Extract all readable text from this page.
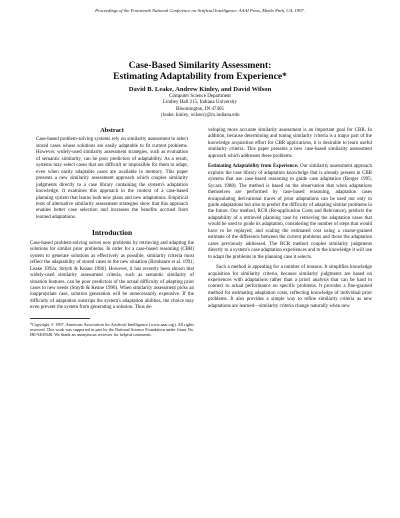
Proceedings of the Fourteenth National Conference on Artificial Intelligence, AAAI Press, Menlo Park, CA, 1997.
Case-Based Similarity Assessment:
Estimating Adaptability from Experience*
David B. Leake, Andrew Kinley, and David Wilson
Computer Science Department
Lindley Hall 215, Indiana University
Bloomington, IN 47405
{leake, kinley, wilson}@cs.indiana.edu
Abstract

Case-based problem-solving systems rely on similarity assessment to select stored cases whose solutions are easily adaptable to fit current problems. However, widely-used similarity assessment strategies, such as evaluation of semantic similarity, can be poor predictors of adaptability. As a result, systems may select cases that are difficult or impossible for them to adapt, even when easily adaptable cases are available in memory. This paper presents a new similarity assessment approach which couples similarity judgments directly to a case library containing the system's adaptation knowledge. It examines this approach in the context of a case-based planning system that learns both new plans and new adaptations. Empirical tests of alternative similarity assessment strategies show that this approach enables better case selection and increases the benefits accrued from learned adaptations.

Introduction

Case-based problem-solving solves new problems by retrieving and adapting the solutions for similar prior problems. In order for a case-based reasoning (CBR) system to generate solutions as effectively as possible, similarity criteria must reflect the adaptability of stored cases to the new situation (Birnbaum et al. 1991; Leake 1992a; Smyth & Keane 1996). However, it has recently been shown that widely-used similarity assessment criteria, such as semantic similarity of situation features, can be poor predictors of the actual difficulty of adapting prior cases to new needs (Smyth & Keane 1996). When similarity assessment picks an inappropriate case, solution generation will be unnecessarily expensive. If the difficulty of adaptation outstrips the system's adaptation abilities, the choice may even prevent the system from generating a solution. Thus de-

*Copyright © 1997, American Association for Artificial Intelligence (www.aaai.org). All rights reserved. This work was supported in part by the National Science Foundation under Grant No. IRI-9409348. We thank an anonymous reviewer for helpful comments.

veloping more accurate similarity assessment is an important goal for CBR. In addition, because determining and tuning similarity criteria is a major part of the knowledge acquisition effort for CBR applications, it is desirable to learn useful similarity criteria. This paper presents a new case-based similarity assessment approach which addresses these problems.

Estimating Adaptability from Experience: Our similarity assessment approach exploits the case library of adaptation knowledge that is already present in CBR systems that use case-based reasoning to guide case adaptation (Berger 1995; Sycara 1988). The method is based on the observation that when adaptations themselves are performed by case-based reasoning, adaptation cases encapsulating derivational traces of prior adaptations can be used not only to guide adaptations but also to predict the difficulty of adapting similar problems in the future. Our method, RCR (Re-application Costs and Relevance), predicts the adaptability of a retrieved planning case by retrieving the adaptation cases that would be used to guide its adaptation, considering the number of steps that would have to be replayed, and scaling the estimated cost using a coarse-grained estimate of the difference between the current problems and those the adaptation cases previously addressed. The RCR method couples similarity judgments directly to a system's case adaptation experiences and to the knowledge it will use to adapt the problems in the planning case it selects.

Such a method is appealing for a number of reasons. It simplifies knowledge acquisition for similarity criteria, because similarity judgments are based on experiences with adaptations rather than a priori analysis that can be hard to connect to actual performance on specific problems. It provides a fine-grained method for estimating adaptation costs, reflecting knowledge of individual prior problems. It also provides a simple way to refine similarity criteria as new adaptations are learned—similarity criteria change naturally when new
